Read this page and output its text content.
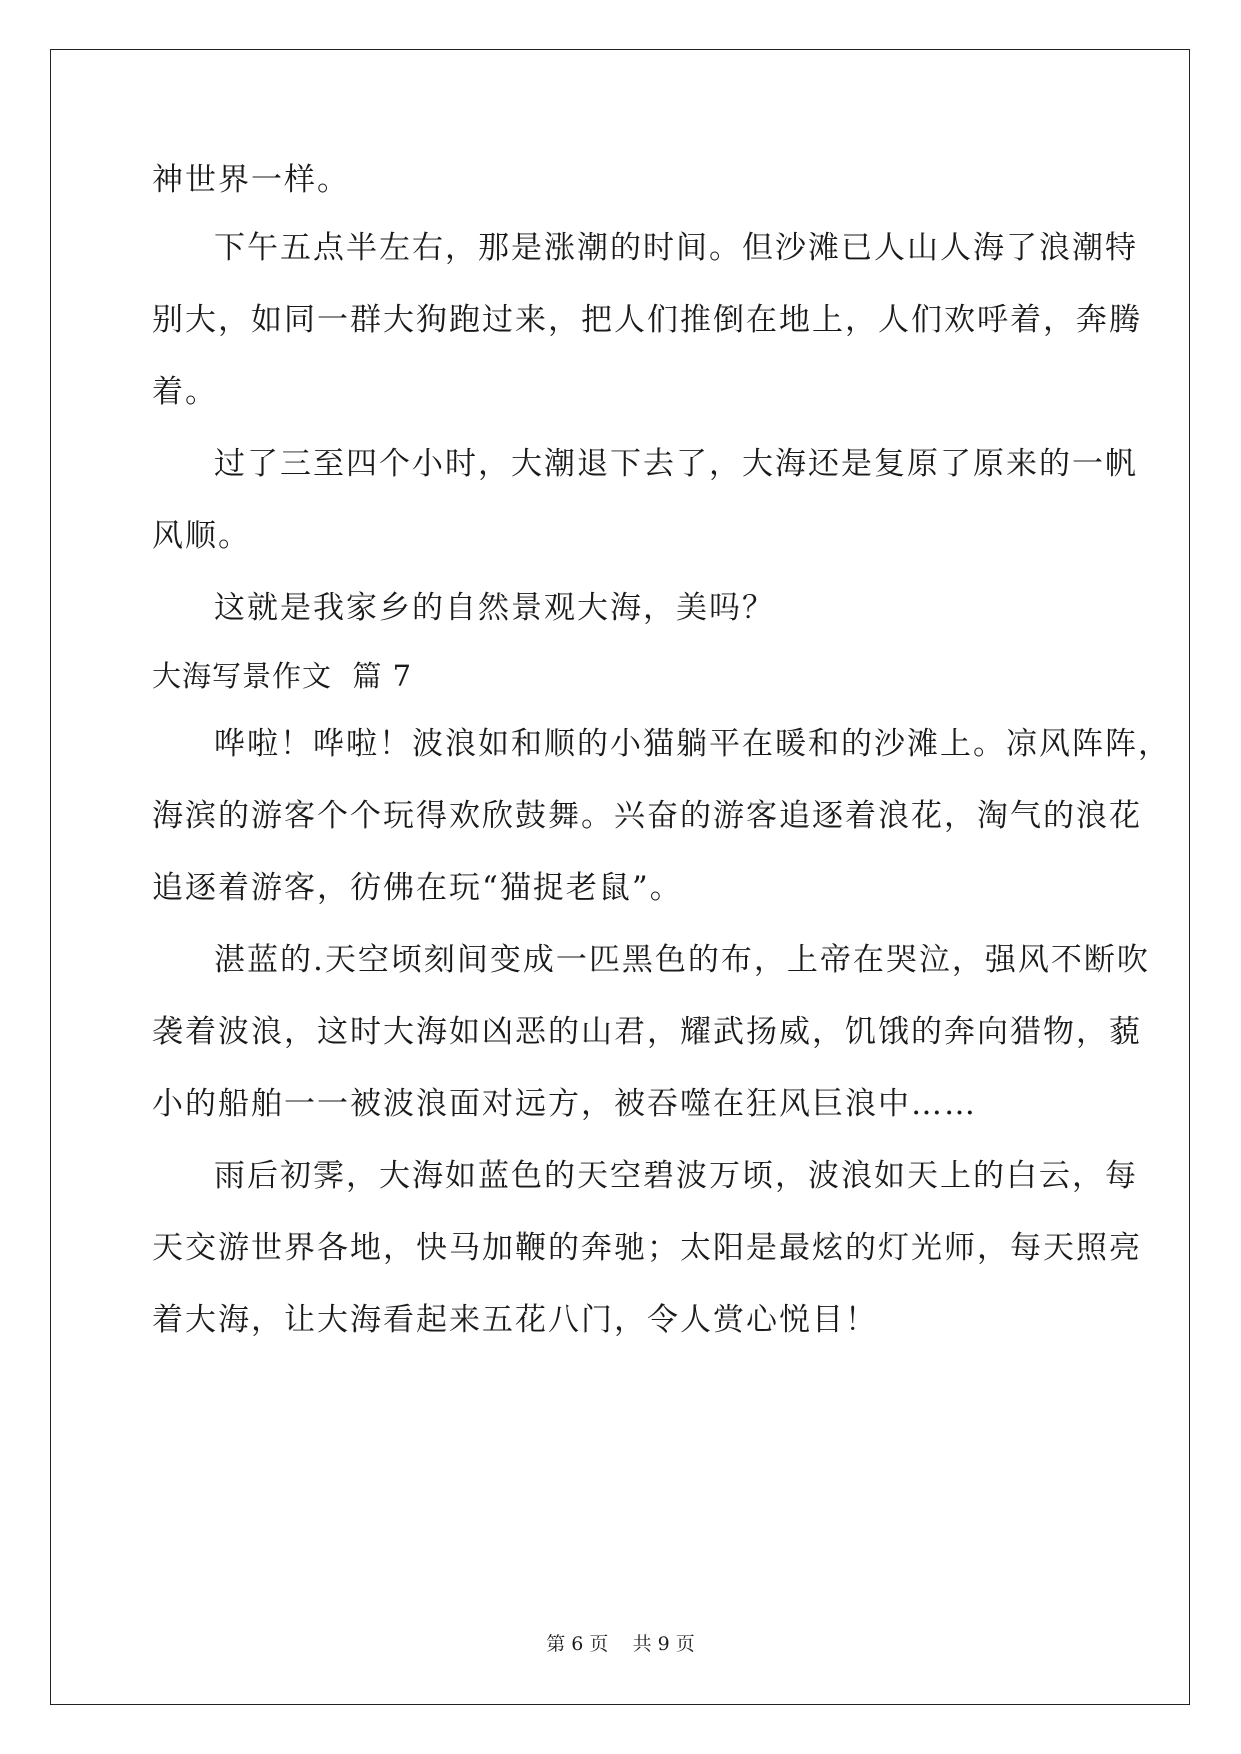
神世界一样。
下午五点半左右，那是涨潮的时间。但沙滩已人山人海了浪潮特
别大，如同一群大狗跑过来，把人们推倒在地上，人们欢呼着，奔腾
着。
过了三至四个小时，大潮退下去了，大海还是复原了原来的一帆
风顺。
这就是我家乡的自然景观大海，美吗？
大海写景作文  篇 7
哗啦！哗啦！波浪如和顺的小猫躺平在暖和的沙滩上。凉风阵阵，
海滨的游客个个玩得欢欣鼓舞。兴奋的游客追逐着浪花，淘气的浪花
追逐着游客，彷佛在玩“猫捉老鼠”。
湛蓝的.天空顷刻间变成一匹黑色的布，上帝在哭泣，强风不断吹
袭着波浪，这时大海如凶恶的山君，耀武扬威，饥饿的奔向猎物，藐
小的船舶一一被波浪面对远方，被吞噬在狂风巨浪中……
雨后初霁，大海如蓝色的天空碧波万顷，波浪如天上的白云，每
天交游世界各地，快马加鞭的奔驰；太阳是最炫的灯光师，每天照亮
着大海，让大海看起来五花八门，令人赏心悦目！
第 6 页    共 9 页
